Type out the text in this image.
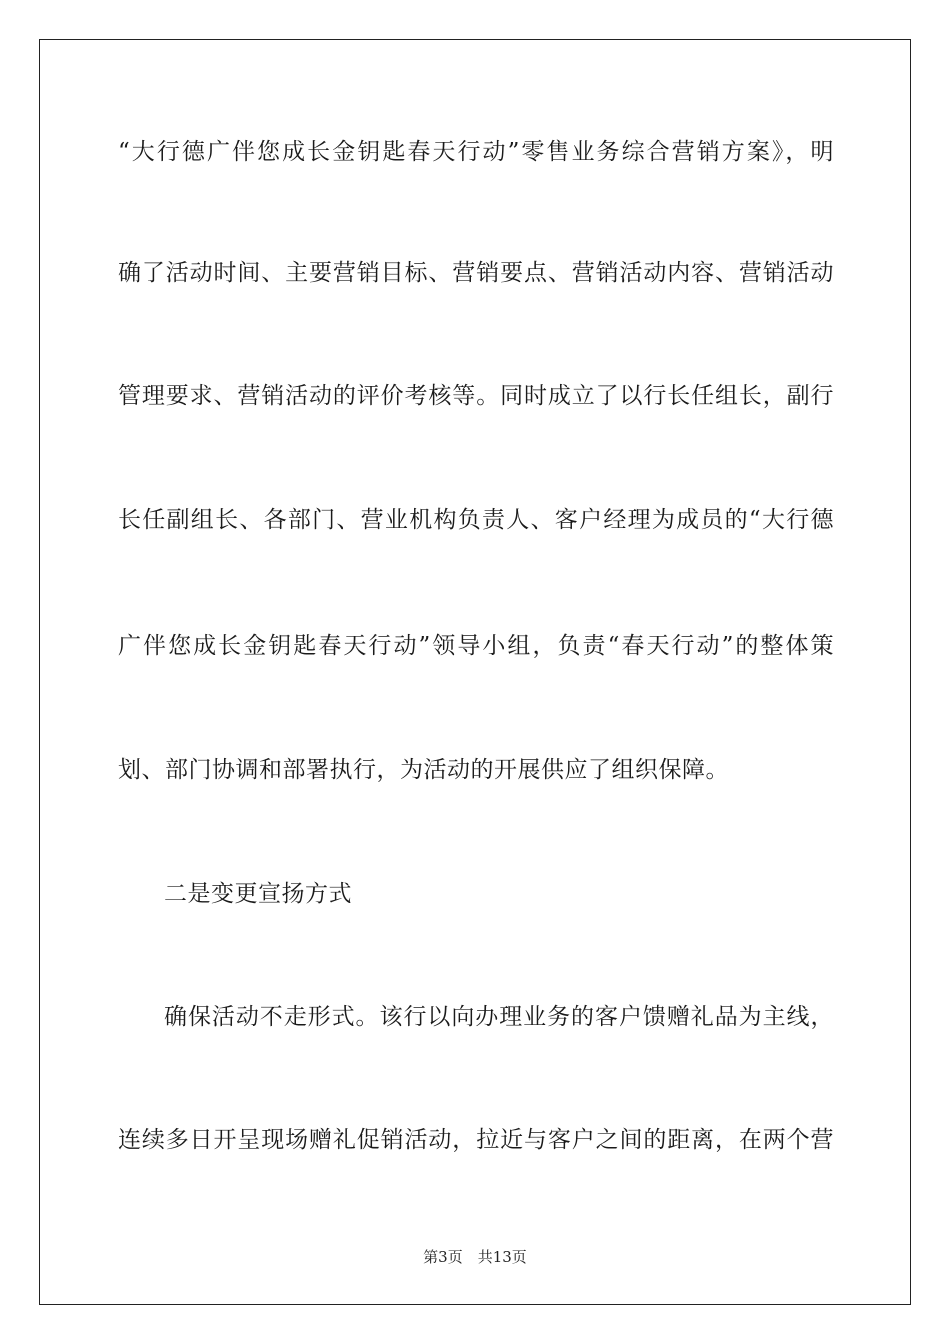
“大行德广伴您成长金钥匙春天行动”零售业务综合营销方案》，明
确了活动时间、主要营销目标、营销要点、营销活动内容、营销活动
管理要求、营销活动的评价考核等。同时成立了以行长任组长，副行
长任副组长、各部门、营业机构负责人、客户经理为成员的“大行德
广伴您成长金钥匙春天行动”领导小组，负责“春天行动”的整体策
划、部门协调和部署执行，为活动的开展供应了组织保障。
二是变更宣扬方式
确保活动不走形式。该行以向办理业务的客户馈赠礼品为主线，
连续多日开呈现场赠礼促销活动，拉近与客户之间的距离，在两个营
第3页　共13页
